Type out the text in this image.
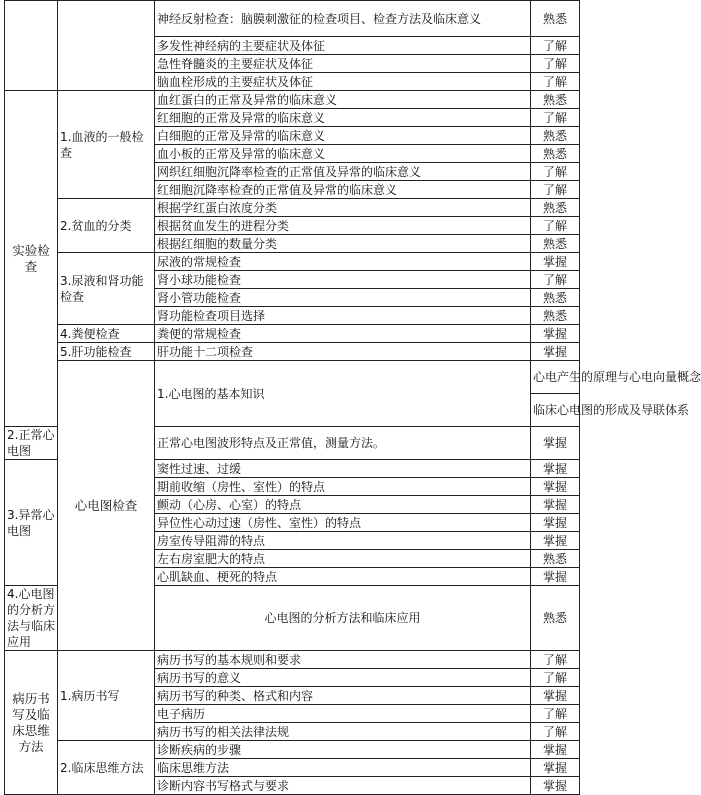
		神经反射检查：脑膜刺激征的检查项目、检查方法及临床意义	熟悉	
		多发性神经病的主要症状及体征	了解	
		急性脊髓炎的主要症状及体征	了解	
		脑血栓形成的主要症状及体征	了解	
实验检查	1.血液的一般检查	血红蛋白的正常及异常的临床意义	熟悉	
		红细胞的正常及异常的临床意义	了解	
		白细胞的正常及异常的临床意义	熟悉	
		血小板的正常及异常的临床意义	熟悉	
		网织红细胞沉降率检查的正常值及异常的临床意义	了解	
		红细胞沉降率检查的正常值及异常的临床意义	了解	
	2.贫血的分类	根据学红蛋白浓度分类	熟悉	
		根据贫血发生的进程分类	了解	
		根据红细胞的数量分类	熟悉	
	3.尿液和肾功能检查	尿液的常规检查	掌握	
		肾小球功能检查	了解	
		肾小管功能检查	熟悉	
		肾功能检查项目选择	熟悉	
	4.粪便检查	粪便的常规检查	掌握	
	5.肝功能检查	肝功能十二项检查	掌握	
	心电图检查	1.心电图的基本知识	心电产生的原理与心电向量概念	
			临床心电图的形成及导联体系	
2.正常心电图		正常心电图波形特点及正常值，测量方法。	掌握	
3.异常心电图		窦性过速、过缓	掌握	
		期前收缩（房性、室性）的特点	掌握	
		颤动（心房、心室）的特点	掌握	
		异位性心动过速（房性、室性）的特点	掌握	
		房室传导阻滞的特点	掌握	
		左右房室肥大的特点	熟悉	
		心肌缺血、梗死的特点	掌握	
4.心电图的分析方法与临床应用		心电图的分析方法和临床应用	熟悉	
病历书写及临床思维方法	1.病历书写	病历书写的基本规则和要求	了解	
		病历书写的意义	了解	
		病历书写的种类、格式和内容	掌握	
		电子病历	了解	
		病历书写的相关法律法规	了解	
	2.临床思维方法	诊断疾病的步骤	掌握	
		临床思维方法	掌握	
		诊断内容书写格式与要求	掌握	
